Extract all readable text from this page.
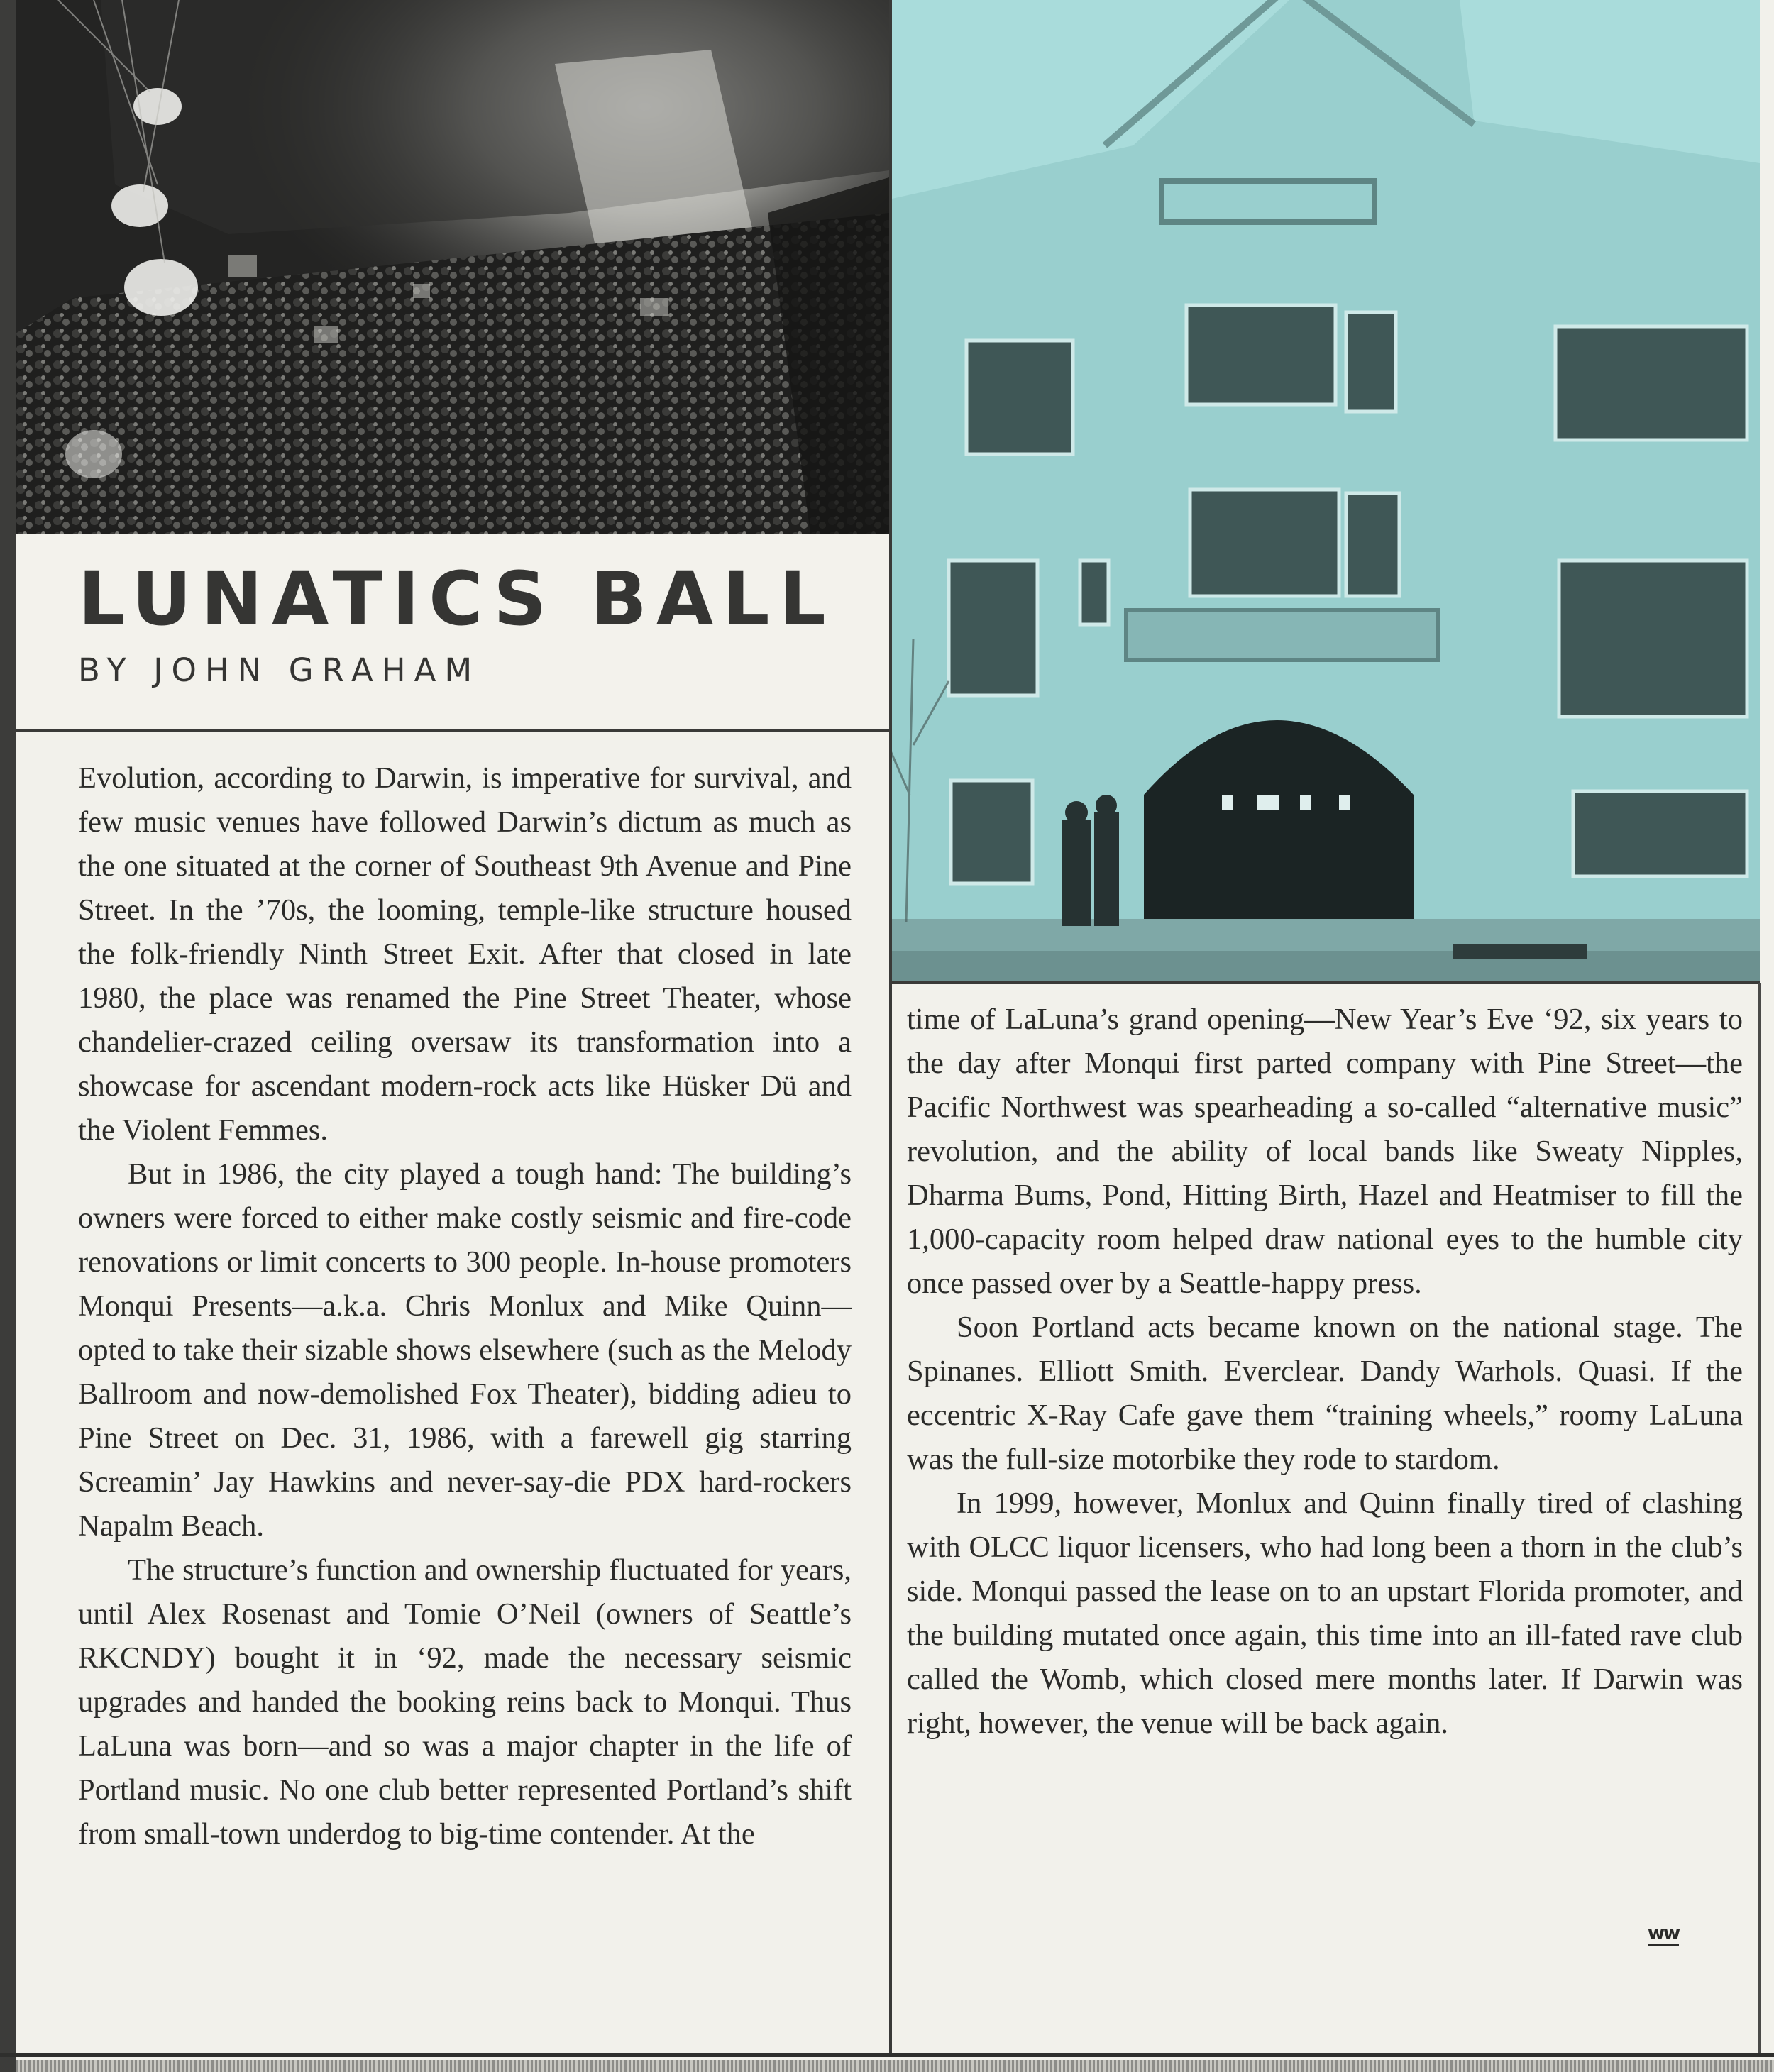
LUNATICS BALL
BY JOHN GRAHAM

Evolution, according to Darwin, is imperative for survival, and few music venues have followed Darwin’s dictum as much as the one situated at the corner of Southeast 9th Avenue and Pine Street. In the ’70s, the looming, temple-like structure housed the folk-friendly Ninth Street Exit. After that closed in late 1980, the place was renamed the Pine Street Theater, whose chandelier-crazed ceiling oversaw its transformation into a showcase for ascendant modern-rock acts like Hüsker Dü and the Violent Femmes.

But in 1986, the city played a tough hand: The building’s owners were forced to either make costly seismic and fire-code renovations or limit concerts to 300 people. In-house promoters Monqui Presents—a.k.a. Chris Monlux and Mike Quinn—opted to take their sizable shows elsewhere (such as the Melody Ballroom and now-demolished Fox Theater), bidding adieu to Pine Street on Dec. 31, 1986, with a farewell gig starring Screamin’ Jay Hawkins and never-say-die PDX hard-rockers Napalm Beach.

The structure’s function and ownership fluctuated for years, until Alex Rosenast and Tomie O’Neil (owners of Seattle’s RKCNDY) bought it in ‘92, made the necessary seismic upgrades and handed the booking reins back to Monqui. Thus LaLuna was born—and so was a major chapter in the life of Portland music. No one club better represented Portland’s shift from small-town underdog to big-time contender. At the

time of LaLuna’s grand opening—New Year’s Eve ‘92, six years to the day after Monqui first parted company with Pine Street—the Pacific Northwest was spearheading a so-called “alternative music” revolution, and the ability of local bands like Sweaty Nipples, Dharma Bums, Pond, Hitting Birth, Hazel and Heatmiser to fill the 1,000-capacity room helped draw national eyes to the humble city once passed over by a Seattle-happy press.

Soon Portland acts became known on the national stage. The Spinanes. Elliott Smith. Everclear. Dandy Warhols. Quasi. If the eccentric X-Ray Cafe gave them “training wheels,” roomy LaLuna was the full-size motorbike they rode to stardom.

In 1999, however, Monlux and Quinn finally tired of clashing with OLCC liquor licensers, who had long been a thorn in the club’s side. Monqui passed the lease on to an upstart Florida promoter, and the building mutated once again, this time into an ill-fated rave club called the Womb, which closed mere months later. If Darwin was right, however, the venue will be back again.

ww
